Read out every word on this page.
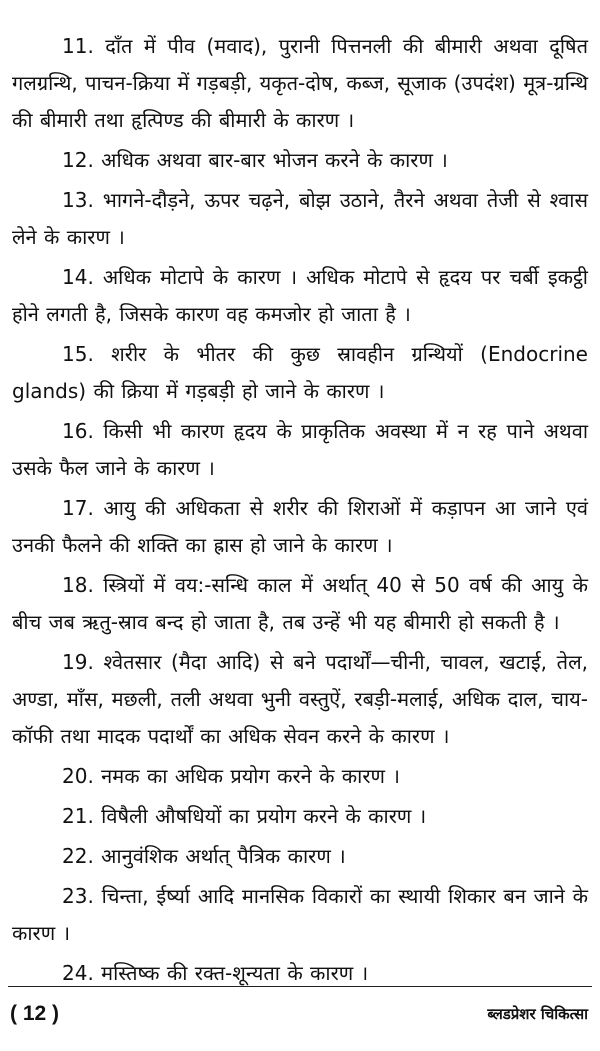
11. दाँत में पीव (मवाद), पुरानी पित्तनली की बीमारी अथवा दूषित गलग्रन्थि, पाचन-क्रिया में गड़बड़ी, यकृत-दोष, कब्ज, सूजाक (उपदंश) मूत्र-ग्रन्थि की बीमारी तथा हृत्पिण्ड की बीमारी के कारण ।

12. अधिक अथवा बार-बार भोजन करने के कारण ।

13. भागने-दौड़ने, ऊपर चढ़ने, बोझ उठाने, तैरने अथवा तेजी से श्वास लेने के कारण ।

14. अधिक मोटापे के कारण । अधिक मोटापे से हृदय पर चर्बी इकट्ठी होने लगती है, जिसके कारण वह कमजोर हो जाता है ।

15. शरीर के भीतर की कुछ स्रावहीन ग्रन्थियों (Endocrine glands) की क्रिया में गड़बड़ी हो जाने के कारण ।

16. किसी भी कारण हृदय के प्राकृतिक अवस्था में न रह पाने अथवा उसके फैल जाने के कारण ।

17. आयु की अधिकता से शरीर की शिराओं में कड़ापन आ जाने एवं उनकी फैलने की शक्ति का ह्रास हो जाने के कारण ।

18. स्त्रियों में वय:-सन्धि काल में अर्थात् 40 से 50 वर्ष की आयु के बीच जब ऋतु-स्राव बन्द हो जाता है, तब उन्हें भी यह बीमारी हो सकती है ।

19. श्वेतसार (मैदा आदि) से बने पदार्थों—चीनी, चावल, खटाई, तेल, अण्डा, माँस, मछली, तली अथवा भुनी वस्तुऐं, रबड़ी-मलाई, अधिक दाल, चाय-कॉफी तथा मादक पदार्थों का अधिक सेवन करने के कारण ।

20. नमक का अधिक प्रयोग करने के कारण ।

21. विषैली औषधियों का प्रयोग करने के कारण ।

22. आनुवंशिक अर्थात् पैत्रिक कारण ।

23. चिन्ता, ईर्ष्या आदि मानसिक विकारों का स्थायी शिकार बन जाने के कारण ।

24. मस्तिष्क की रक्त-शून्यता के कारण ।

( 12 )	ब्लडप्रेशर चिकित्सा
